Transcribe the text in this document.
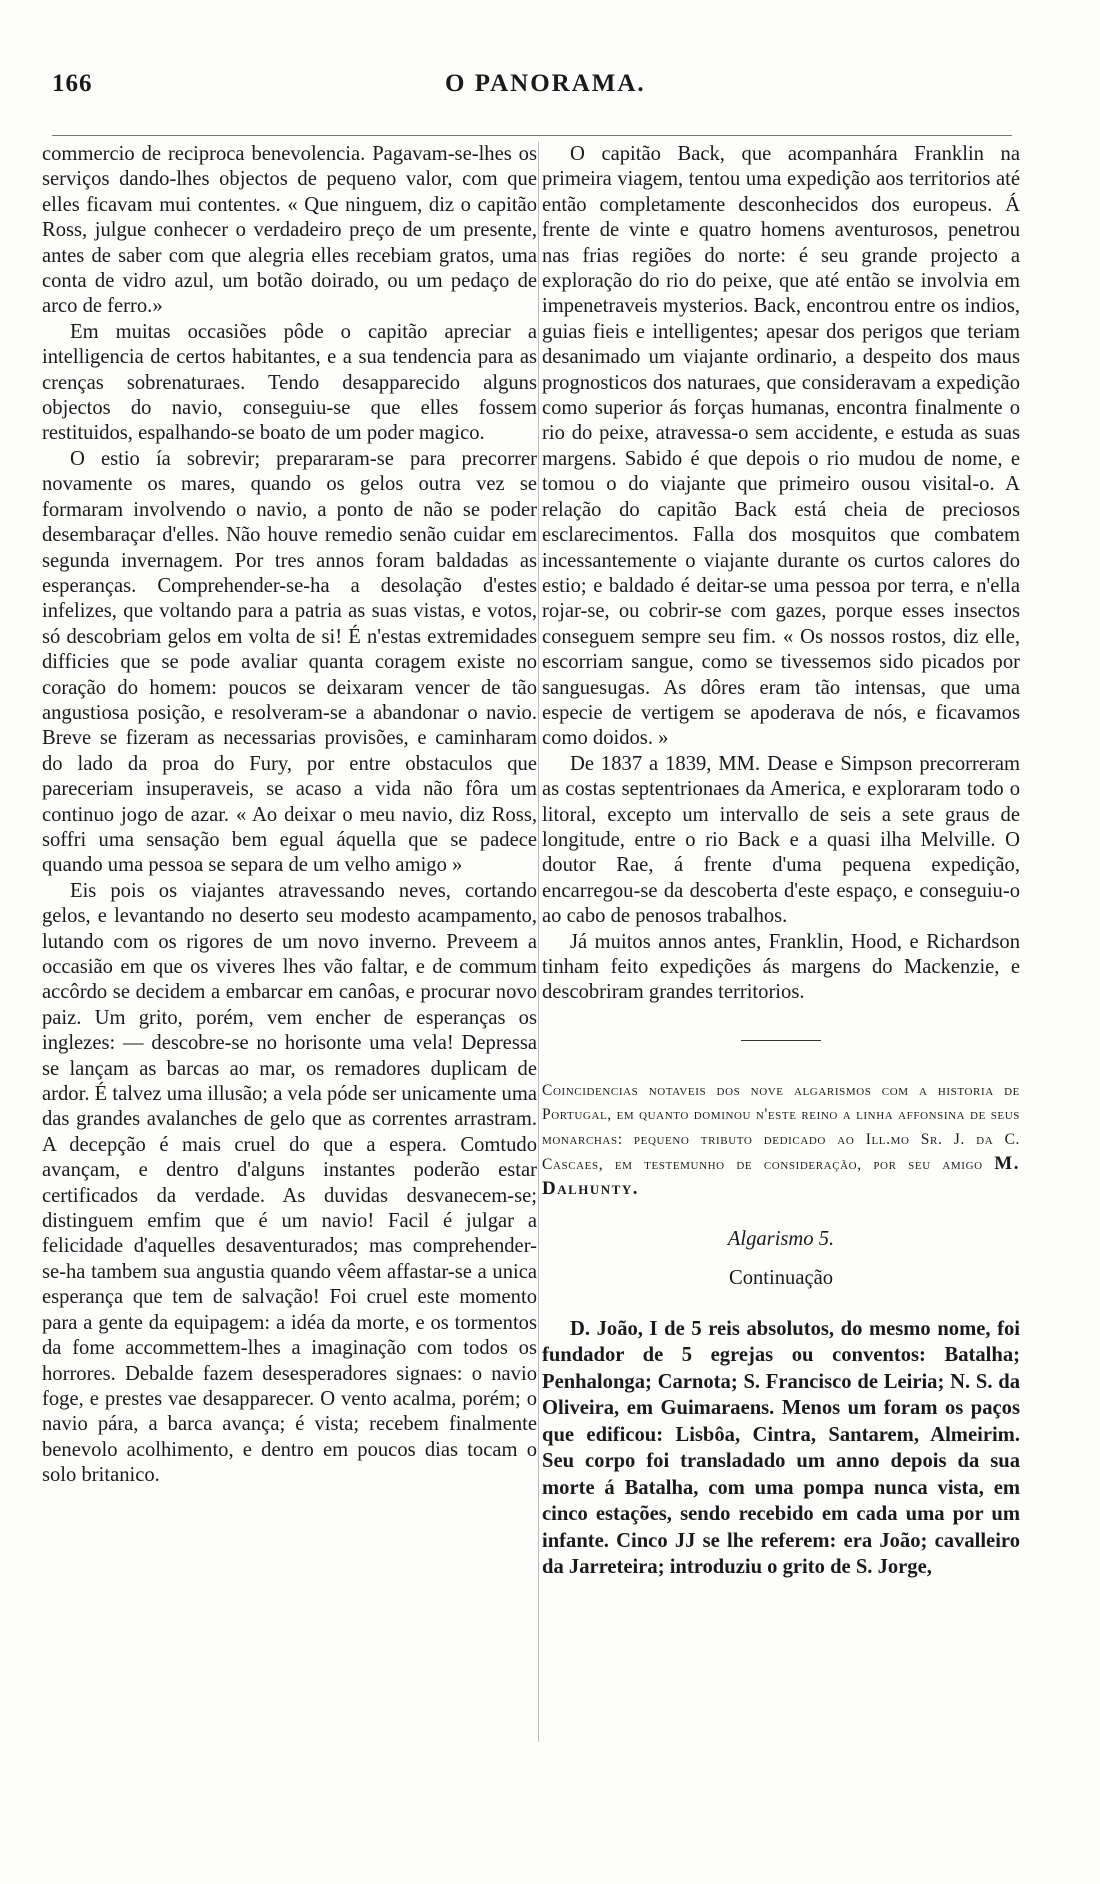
166	O PANORAMA.

commercio de reciproca benevolencia. Pagavam-se-lhes os serviços dando-lhes objectos de pequeno valor, com que elles ficavam mui contentes. « Que ninguem, diz o capitão Ross, julgue conhecer o verdadeiro preço de um presente, antes de saber com que alegria elles recebiam gratos, uma conta de vidro azul, um botão doirado, ou um pedaço de arco de ferro.»

Em muitas occasiões pôde o capitão apreciar a intelligencia de certos habitantes, e a sua tendencia para as crenças sobrenaturaes. Tendo desapparecido alguns objectos do navio, conseguiu-se que elles fossem restituidos, espalhando-se boato de um poder magico.

O estio ía sobrevir; prepararam-se para precorrer novamente os mares, quando os gelos outra vez se formaram involvendo o navio, a ponto de não se poder desembaraçar d'elles. Não houve remedio senão cuidar em segunda invernagem. Por tres annos foram baldadas as esperanças. Comprehender-se-ha a desolação d'estes infelizes, que voltando para a patria as suas vistas, e votos, só descobriam gelos em volta de si! É n'estas extremidades difficies que se pode avaliar quanta coragem existe no coração do homem: poucos se deixaram vencer de tão angustiosa posição, e resolveram-se a abandonar o navio. Breve se fizeram as necessarias provisões, e caminharam do lado da proa do Fury, por entre obstaculos que pareceriam insuperaveis, se acaso a vida não fôra um continuo jogo de azar. « Ao deixar o meu navio, diz Ross, soffri uma sensação bem egual áquella que se padece quando uma pessoa se separa de um velho amigo »

Eis pois os viajantes atravessando neves, cortando gelos, e levantando no deserto seu modesto acampamento, lutando com os rigores de um novo inverno. Preveem a occasião em que os viveres lhes vão faltar, e de commum accôrdo se decidem a embarcar em canôas, e procurar novo paiz. Um grito, porém, vem encher de esperanças os inglezes: — descobre-se no horisonte uma vela! Depressa se lançam as barcas ao mar, os remadores duplicam de ardor. É talvez uma illusão; a vela póde ser unicamente uma das grandes avalanches de gelo que as correntes arrastram. A decepção é mais cruel do que a espera. Comtudo avançam, e dentro d'alguns instantes poderão estar certificados da verdade. As duvidas desvanecem-se; distinguem emfim que é um navio! Facil é julgar a felicidade d'aquelles desaventurados; mas comprehender-se-ha tambem sua angustia quando vêem affastar-se a unica esperança que tem de salvação! Foi cruel este momento para a gente da equipagem: a idéa da morte, e os tormentos da fome accommettem-lhes a imaginação com todos os horrores. Debalde fazem desesperadores signaes: o navio foge, e prestes vae desapparecer. O vento acalma, porém; o navio pára, a barca avança; é vista; recebem finalmente benevolo acolhimento, e dentro em poucos dias tocam o solo britanico.

O capitão Back, que acompanhára Franklin na primeira viagem, tentou uma expedição aos territorios até então completamente desconhecidos dos europeus. Á frente de vinte e quatro homens aventurosos, penetrou nas frias regiões do norte: é seu grande projecto a exploração do rio do peixe, que até então se involvia em impenetraveis mysterios. Back, encontrou entre os indios, guias fieis e intelligentes; apesar dos perigos que teriam desanimado um viajante ordinario, a despeito dos maus prognosticos dos naturaes, que consideravam a expedição como superior ás forças humanas, encontra finalmente o rio do peixe, atravessa-o sem accidente, e estuda as suas margens. Sabido é que depois o rio mudou de nome, e tomou o do viajante que primeiro ousou visital-o. A relação do capitão Back está cheia de preciosos esclarecimentos. Falla dos mosquitos que combatem incessantemente o viajante durante os curtos calores do estio; e baldado é deitar-se uma pessoa por terra, e n'ella rojar-se, ou cobrir-se com gazes, porque esses insectos conseguem sempre seu fim. « Os nossos rostos, diz elle, escorriam sangue, como se tivessemos sido picados por sanguesugas. As dôres eram tão intensas, que uma especie de vertigem se apoderava de nós, e ficavamos como doidos. »

De 1837 a 1839, MM. Dease e Simpson precorreram as costas septentrionaes da America, e exploraram todo o litoral, excepto um intervallo de seis a sete graus de longitude, entre o rio Back e a quasi ilha Melville. O doutor Rae, á frente d'uma pequena expedição, encarregou-se da descoberta d'este espaço, e conseguiu-o ao cabo de penosos trabalhos.

Já muitos annos antes, Franklin, Hood, e Richardson tinham feito expedições ás margens do Mackenzie, e descobriram grandes territorios.

Coincidencias notaveis dos nove algarismos com a historia de Portugal, em quanto dominou n'este reino a linha affonsina de seus monarchas: pequeno tributo dedicado ao Ill.mo Sr. J. da C. Cascaes, em testemunho de consideração, por seu amigo M. Dalhunty.

Algarismo 5.

Continuação

D. João, I de 5 reis absolutos, do mesmo nome, foi fundador de 5 egrejas ou conventos: Batalha; Penhalonga; Carnota; S. Francisco de Leiria; N. S. da Oliveira, em Guimaraens. Menos um foram os paços que edificou: Lisbôa, Cintra, Santarem, Almeirim. Seu corpo foi transladado um anno depois da sua morte á Batalha, com uma pompa nunca vista, em cinco estações, sendo recebido em cada uma por um infante. Cinco JJ se lhe referem: era João; cavalleiro da Jarreteira; introduziu o grito de S. Jorge,
